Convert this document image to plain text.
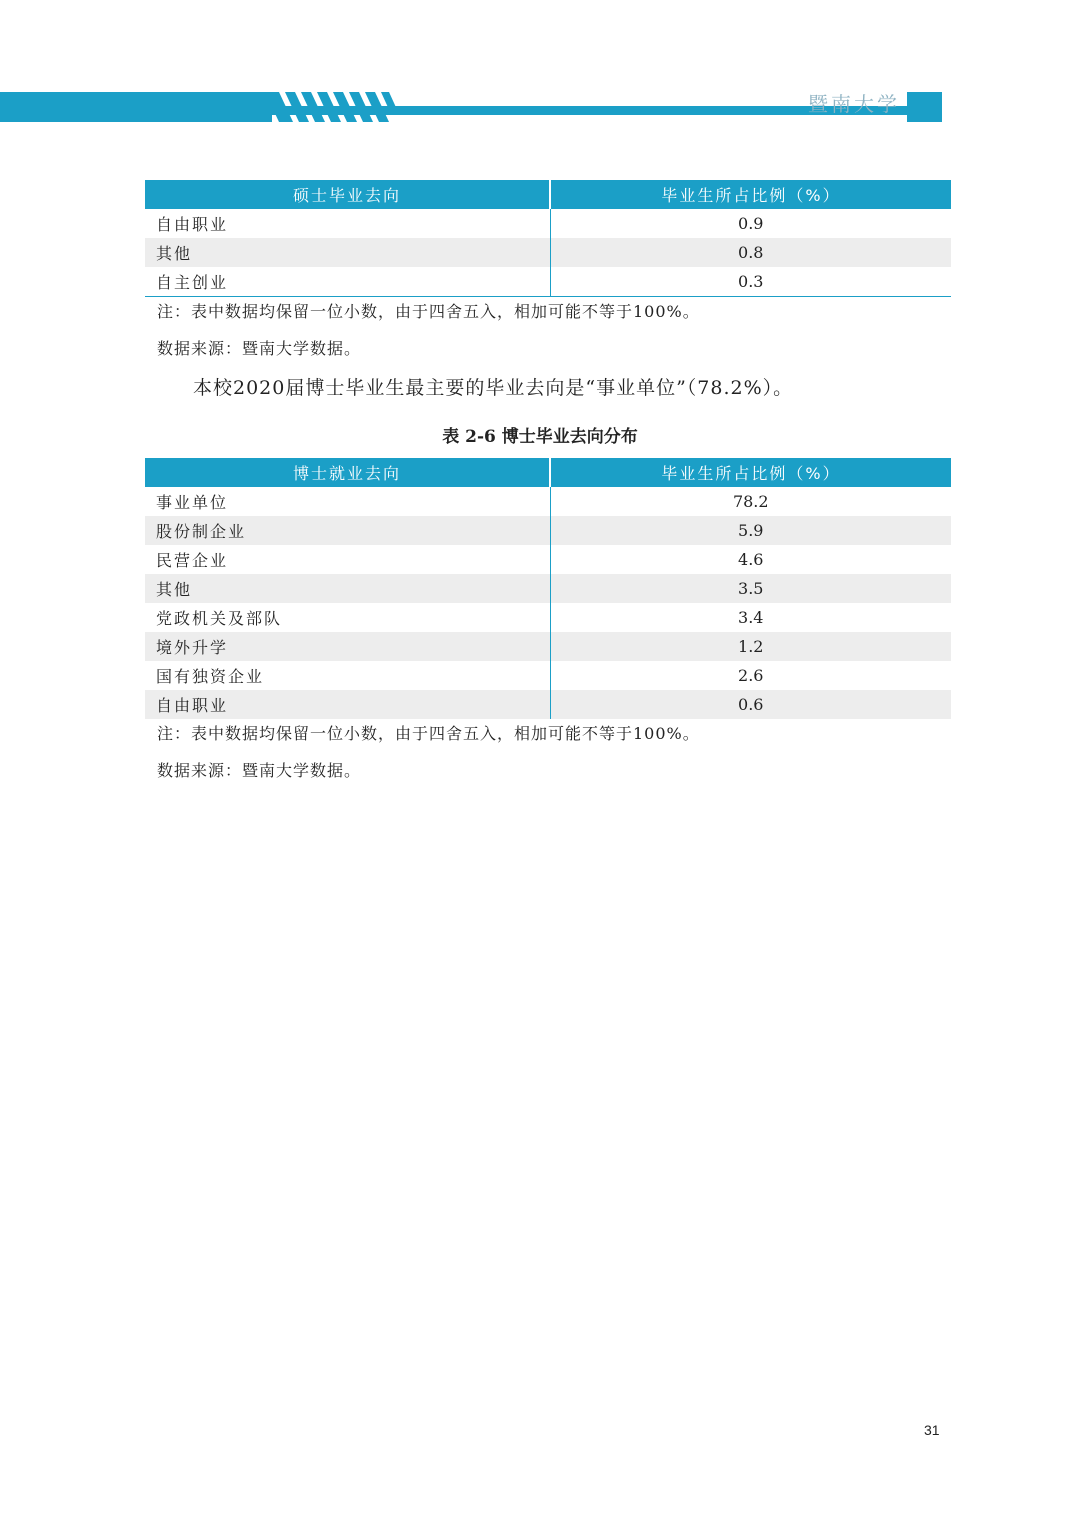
暨南大学
硕士毕业去向	毕业生所占比例（%）
自由职业	0.9
其他	0.8
自主创业	0.3
注：表中数据均保留一位小数，由于四舍五入，相加可能不等于100%。
数据来源：暨南大学数据。
本校2020届博士毕业生最主要的毕业去向是“事业单位”（78.2%）。
表 2-6 博士毕业去向分布
博士就业去向	毕业生所占比例（%）
事业单位	78.2
股份制企业	5.9
民营企业	4.6
其他	3.5
党政机关及部队	3.4
境外升学	1.2
国有独资企业	2.6
自由职业	0.6
注：表中数据均保留一位小数，由于四舍五入，相加可能不等于100%。
数据来源：暨南大学数据。
31
